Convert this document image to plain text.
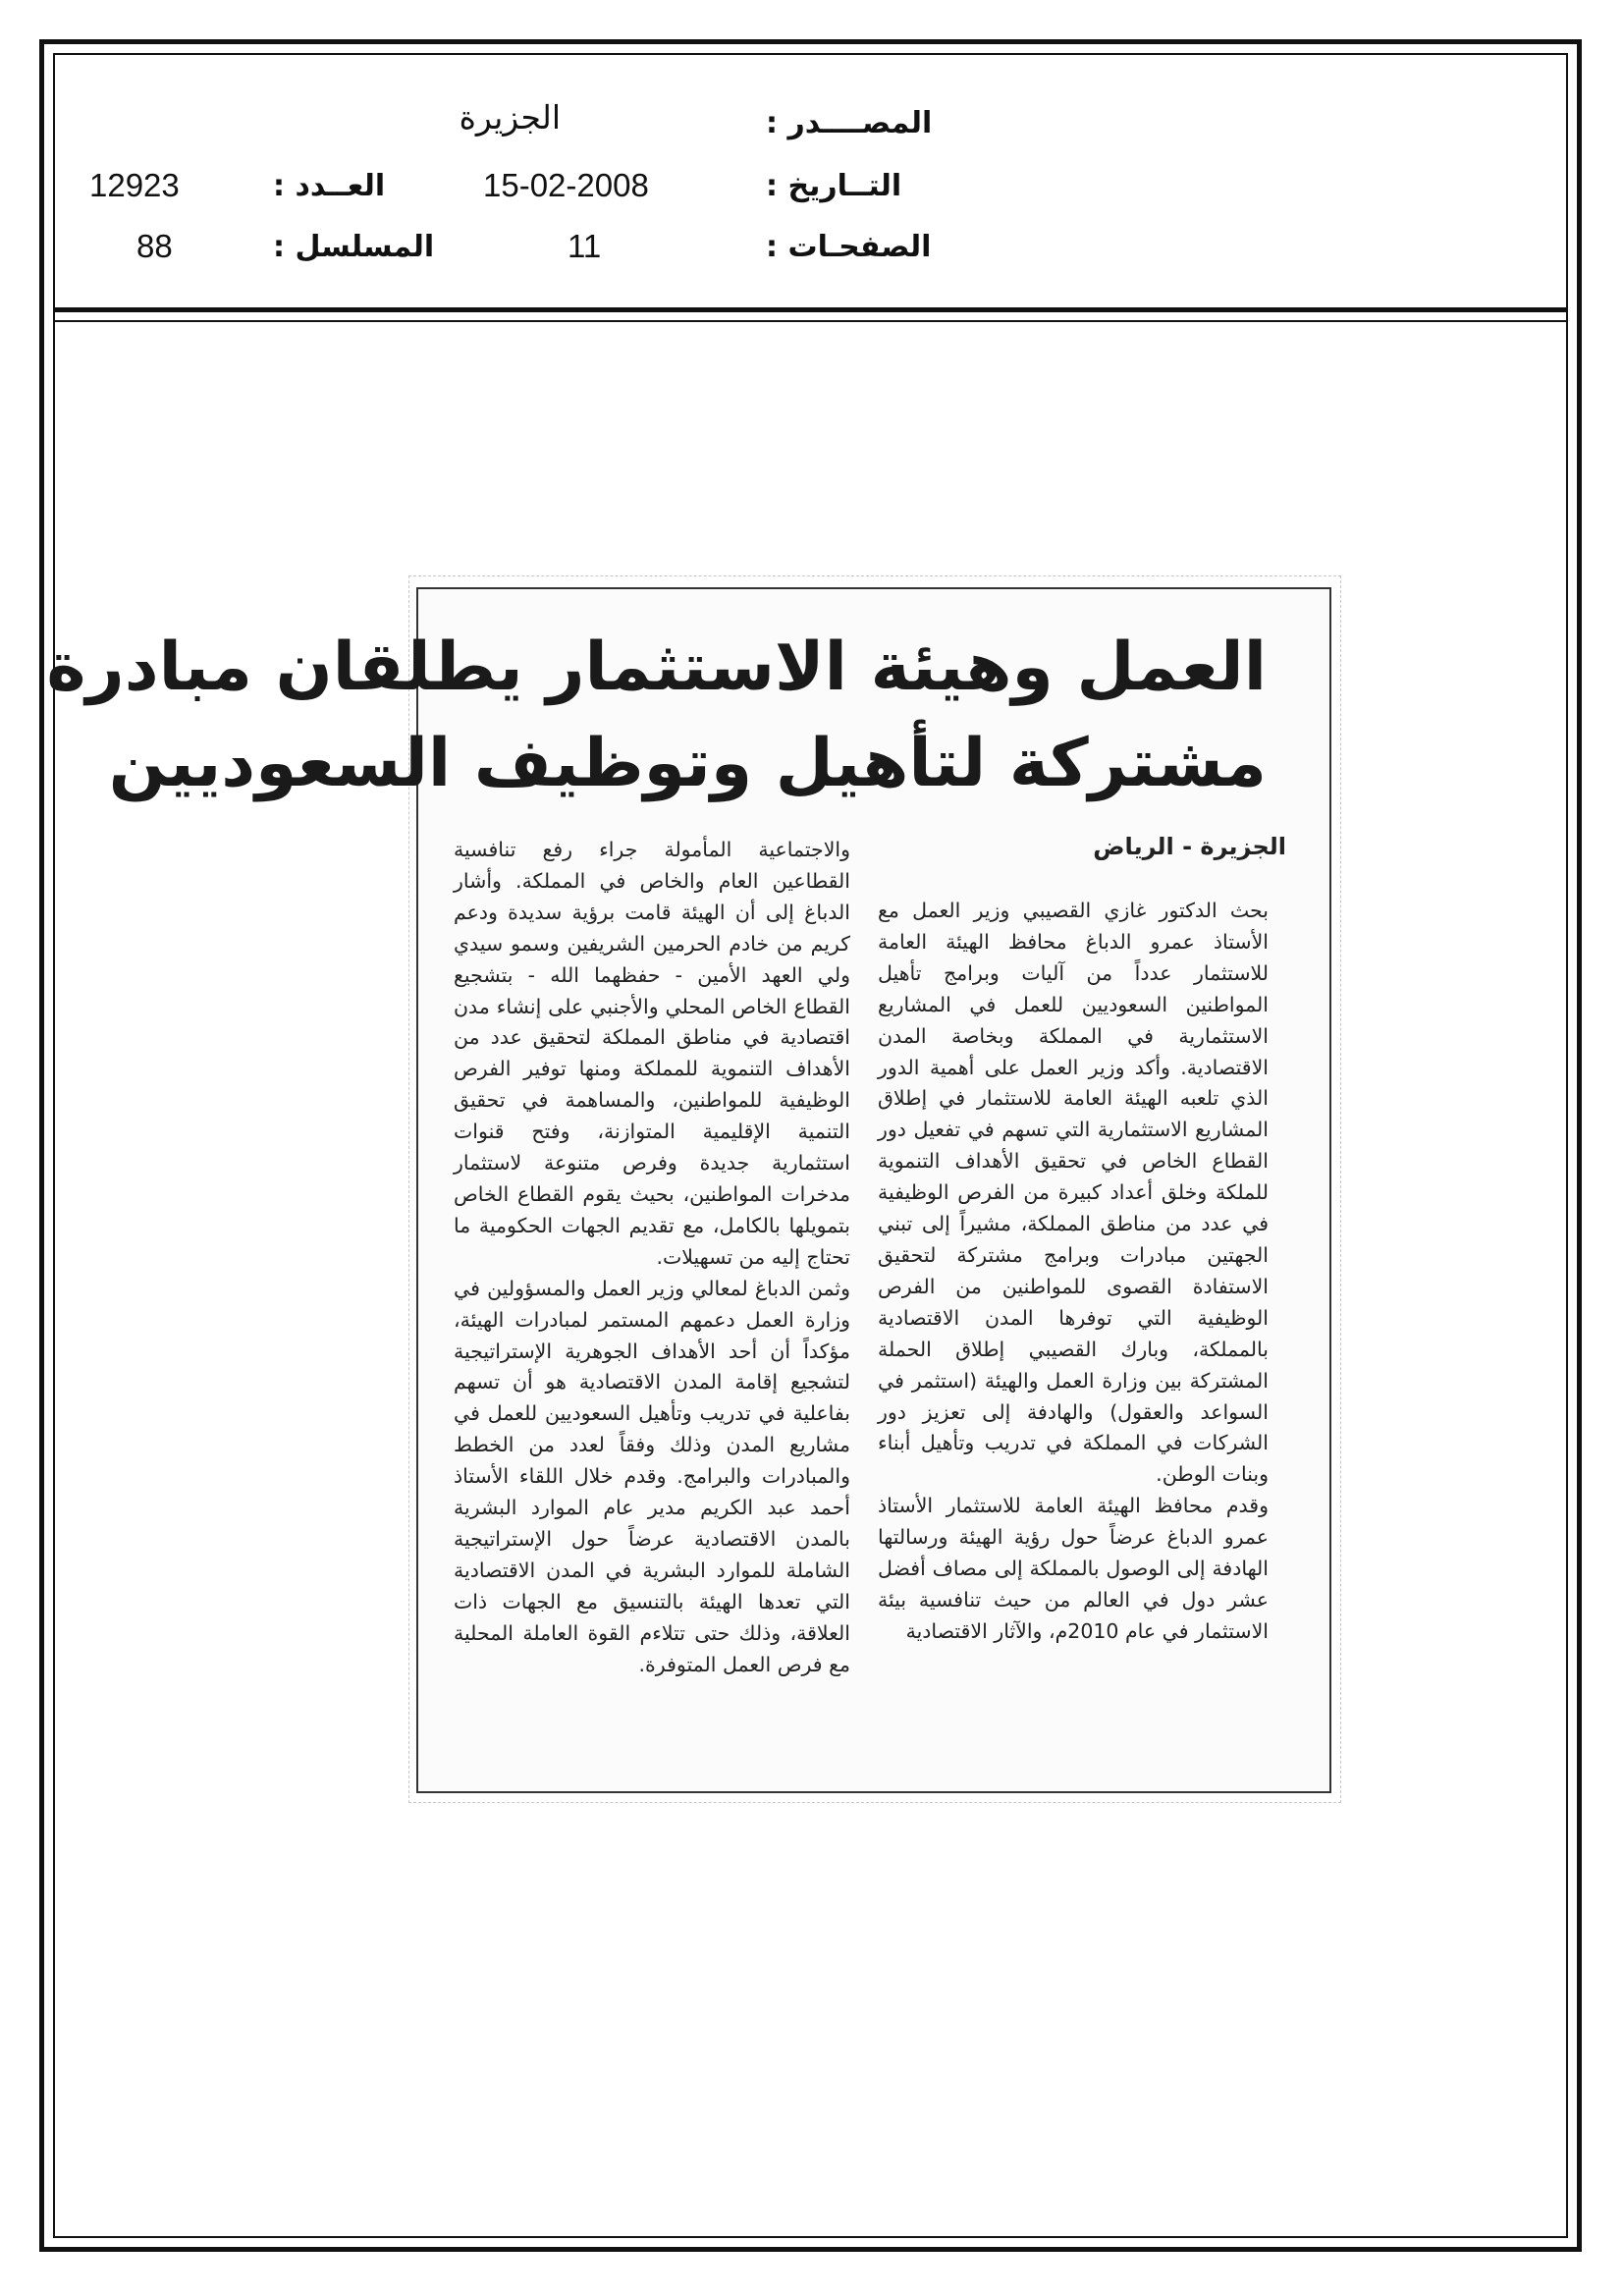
الجزيرة	المصــــدر :
15-02-2008	التــاريخ :
12923	العــدد :
11	الصفحـات :
88	المسلسل :
العمل وهيئة الاستثمار يطلقان مبادرة
مشتركة لتأهيل وتوظيف السعوديين
الجزيرة - الرياض

بحث الدكتور غازي القصيبي وزير العمل مع الأستاذ عمرو الدباغ محافظ الهيئة العامة للاستثمار عدداً من آليات وبرامج تأهيل المواطنين السعوديين للعمل في المشاريع الاستثمارية في المملكة وبخاصة المدن الاقتصادية. وأكد وزير العمل على أهمية الدور الذي تلعبه الهيئة العامة للاستثمار في إطلاق المشاريع الاستثمارية التي تسهم في تفعيل دور القطاع الخاص في تحقيق الأهداف التنموية للملكة وخلق أعداد كبيرة من الفرص الوظيفية في عدد من مناطق المملكة، مشيراً إلى تبني الجهتين مبادرات وبرامج مشتركة لتحقيق الاستفادة القصوى للمواطنين من الفرص الوظيفية التي توفرها المدن الاقتصادية بالمملكة، وبارك القصيبي إطلاق الحملة المشتركة بين وزارة العمل والهيئة (استثمر في السواعد والعقول) والهادفة إلى تعزيز دور الشركات في المملكة في تدريب وتأهيل أبناء وبنات الوطن.

وقدم محافظ الهيئة العامة للاستثمار الأستاذ عمرو الدباغ عرضاً حول رؤية الهيئة ورسالتها الهادفة إلى الوصول بالمملكة إلى مصاف أفضل عشر دول في العالم من حيث تنافسية بيئة الاستثمار في عام 2010م، والآثار الاقتصادية

والاجتماعية المأمولة جراء رفع تنافسية القطاعين العام والخاص في المملكة. وأشار الدباغ إلى أن الهيئة قامت برؤية سديدة ودعم كريم من خادم الحرمين الشريفين وسمو سيدي ولي العهد الأمين - حفظهما الله - بتشجيع القطاع الخاص المحلي والأجنبي على إنشاء مدن اقتصادية في مناطق المملكة لتحقيق عدد من الأهداف التنموية للمملكة ومنها توفير الفرص الوظيفية للمواطنين، والمساهمة في تحقيق التنمية الإقليمية المتوازنة، وفتح قنوات استثمارية جديدة وفرص متنوعة لاستثمار مدخرات المواطنين، بحيث يقوم القطاع الخاص بتمويلها بالكامل، مع تقديم الجهات الحكومية ما تحتاج إليه من تسهيلات.

وثمن الدباغ لمعالي وزير العمل والمسؤولين في وزارة العمل دعمهم المستمر لمبادرات الهيئة، مؤكداً أن أحد الأهداف الجوهرية الإستراتيجية لتشجيع إقامة المدن الاقتصادية هو أن تسهم بفاعلية في تدريب وتأهيل السعوديين للعمل في مشاريع المدن وذلك وفقاً لعدد من الخطط والمبادرات والبرامج. وقدم خلال اللقاء الأستاذ أحمد عبد الكريم مدير عام الموارد البشرية بالمدن الاقتصادية عرضاً حول الإستراتيجية الشاملة للموارد البشرية في المدن الاقتصادية التي تعدها الهيئة بالتنسيق مع الجهات ذات العلاقة، وذلك حتى تتلاءم القوة العاملة المحلية مع فرص العمل المتوفرة.
